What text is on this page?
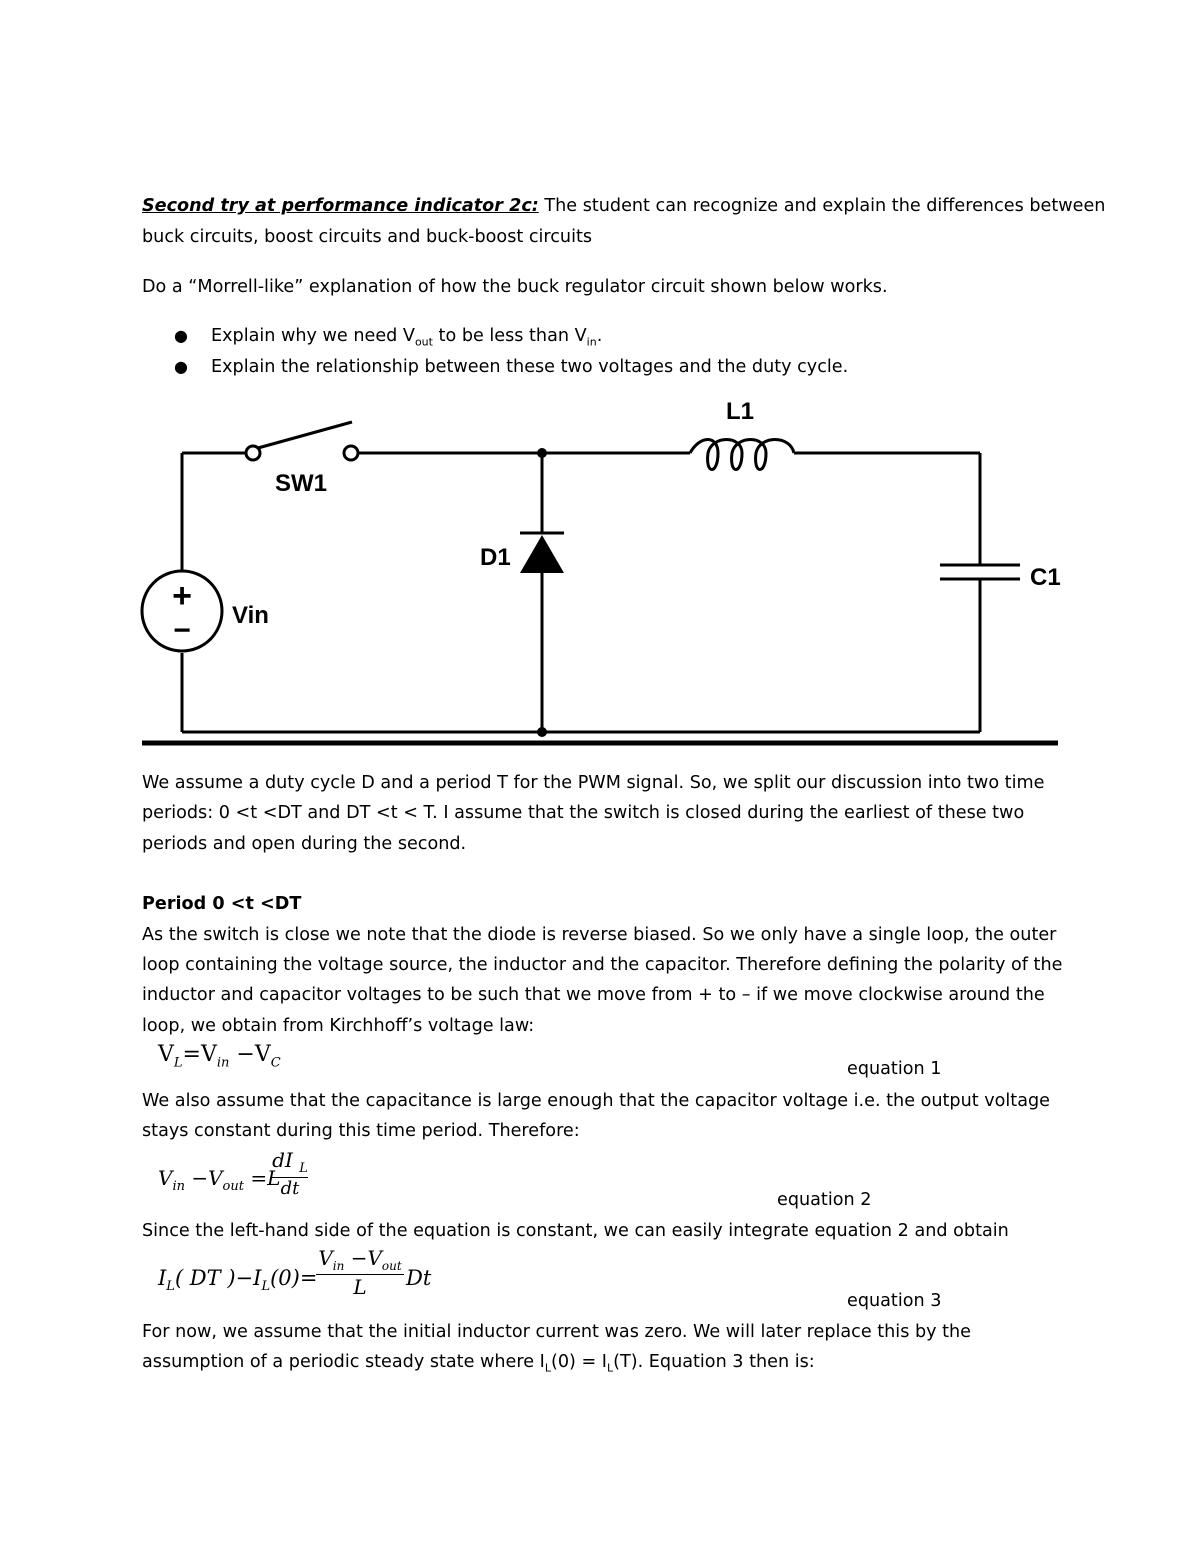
Second try at performance indicator 2c: The student can recognize and explain the differences between
buck circuits, boost circuits and buck-boost circuits
Do a “Morrell-like” explanation of how the buck regulator circuit shown below works.
● Explain why we need $V_{out}$ to be less than $V_{in}$.
● Explain the relationship between these two voltages and the duty cycle.
+
−
SW1
D1
L1
C1
Vin
We assume a duty cycle D and a period T for the PWM signal. So, we split our discussion into two time
periods: 0 <t <DT and DT <t < T. I assume that the switch is closed during the earliest of these two
periods and open during the second.
Period 0 <t <DT
As the switch is close we note that the diode is reverse biased. So we only have a single loop, the outer
loop containing the voltage source, the inductor and the capacitor. Therefore defining the polarity of the
inductor and capacitor voltages to be such that we move from + to – if we move clockwise around the
loop, we obtain from Kirchhoff’s voltage law:
$V_L=V_{in} -V_C$	equation 1
We also assume that the capacitance is large enough that the capacitor voltage i.e. the output voltage
stays constant during this time period. Therefore:
$V_{in} -V_{out} =L$
$\frac{dI _L}{dt}$
equation 2
Since the left-hand side of the equation is constant, we can easily integrate equation 2 and obtain
$I_L$( DT )$-I_L(0)=$
$V_{in} -V_{out}$
L	Dt
equation 3
For now, we assume that the initial inductor current was zero. We will later replace this by the
assumption of a periodic steady state where $I_L(0) = I_L(T)$. Equation 3 then is:
